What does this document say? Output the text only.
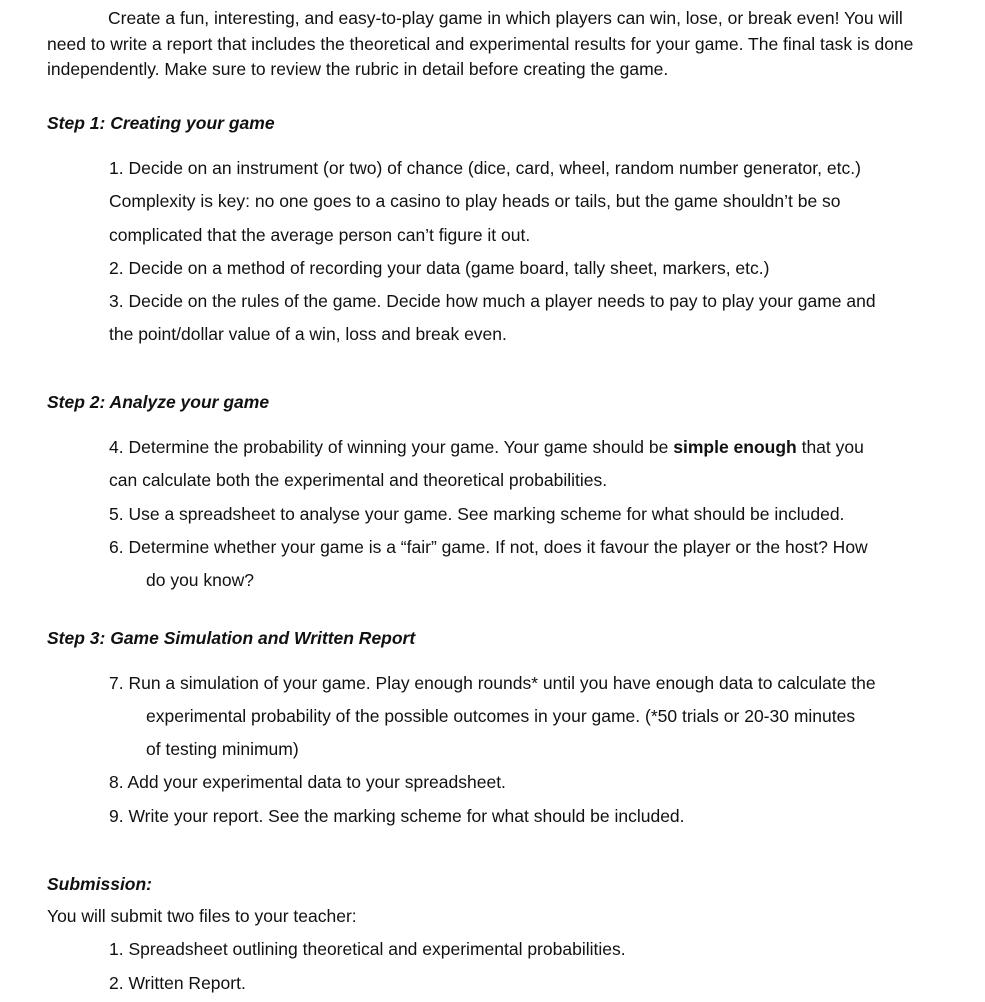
Create a fun, interesting, and easy-to-play game in which players can win, lose, or break even! You will need to write a report that includes the theoretical and experimental results for your game. The final task is done independently. Make sure to review the rubric in detail before creating the game.
Step 1: Creating your game
1. Decide on an instrument (or two) of chance (dice, card, wheel, random number generator, etc.)
Complexity is key: no one goes to a casino to play heads or tails, but the game shouldn’t be so
complicated that the average person can’t figure it out.
2. Decide on a method of recording your data (game board, tally sheet, markers, etc.)
3. Decide on the rules of the game. Decide how much a player needs to pay to play your game and
the point/dollar value of a win, loss and break even.
Step 2: Analyze your game
4. Determine the probability of winning your game. Your game should be simple enough that you
can calculate both the experimental and theoretical probabilities.
5. Use a spreadsheet to analyse your game. See marking scheme for what should be included.
6. Determine whether your game is a “fair” game. If not, does it favour the player or the host? How
do you know?
Step 3: Game Simulation and Written Report
7. Run a simulation of your game. Play enough rounds* until you have enough data to calculate the
experimental probability of the possible outcomes in your game. (*50 trials or 20-30 minutes
of testing minimum)
8. Add your experimental data to your spreadsheet.
9. Write your report. See the marking scheme for what should be included.
Submission:
You will submit two files to your teacher:
1. Spreadsheet outlining theoretical and experimental probabilities.
2. Written Report.
